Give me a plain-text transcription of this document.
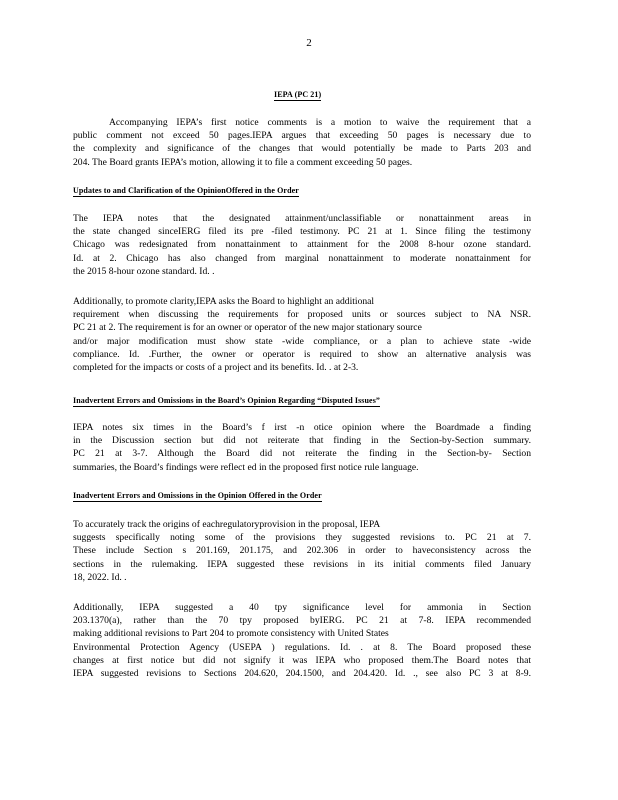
2
IEPA (PC 21)

Accompanying IEPA’s first notice comments is a motion to waive the requirement that a
public comment not exceed 50 pages.IEPA argues that exceeding 50 pages is necessary due to
the complexity and significance of the changes that would potentially be made to Parts 203 and
204. The Board grants IEPA’s motion, allowing it to file a comment exceeding 50 pages.

Updates to and Clarification of the OpinionOffered in the Order

The IEPA notes that the designated attainment/unclassifiable or nonattainment areas in
the state changed sinceIERG filed its pre -filed testimony. PC 21 at 1. Since filing the testimony
Chicago was redesignated from nonattainment to attainment for the 2008 8-hour ozone standard.
Id. at 2. Chicago has also changed from marginal nonattainment to moderate nonattainment for
the 2015 8-hour ozone standard. Id. .

Additionally, to promote clarity,IEPA asks the Board to highlight an additional
requirement when discussing the requirements for proposed units or sources subject to NA NSR.
PC 21 at 2. The requirement is for an owner or operator of the new major stationary source
and/or major modification must show state -wide compliance, or a plan to achieve state -wide
compliance. Id. .Further, the owner or operator is required to show an alternative analysis was
completed for the impacts or costs of a project and its benefits. Id. . at 2-3.

Inadvertent Errors and Omissions in the Board’s Opinion Regarding “Disputed Issues”

IEPA notes six times in the Board’s f irst -n otice opinion where the Boardmade a finding
in the Discussion section but did not reiterate that finding in the Section-by-Section summary.
PC 21 at 3-7. Although the Board did not reiterate the finding in the Section-by- Section
summaries, the Board’s findings were reflect ed in the proposed first notice rule language.

Inadvertent Errors and Omissions in the Opinion Offered in the Order

To accurately track the origins of eachregulatoryprovision in the proposal, IEPA
suggests specifically noting some of the provisions they suggested revisions to. PC 21 at 7.
These include Section s 201.169, 201.175, and 202.306 in order to haveconsistency across the
sections in the rulemaking. IEPA suggested these revisions in its initial comments filed January
18, 2022. Id. .

Additionally, IEPA suggested a 40 tpy significance level for ammonia in Section
203.1370(a), rather than the 70 tpy proposed byIERG. PC 21 at 7-8. IEPA recommended
making additional revisions to Part 204 to promote consistency with United States
Environmental Protection Agency (USEPA ) regulations. Id. . at 8. The Board proposed these
changes at first notice but did not signify it was IEPA who proposed them.The Board notes that
IEPA suggested revisions to Sections 204.620, 204.1500, and 204.420. Id. ., see also PC 3 at 8-9.
